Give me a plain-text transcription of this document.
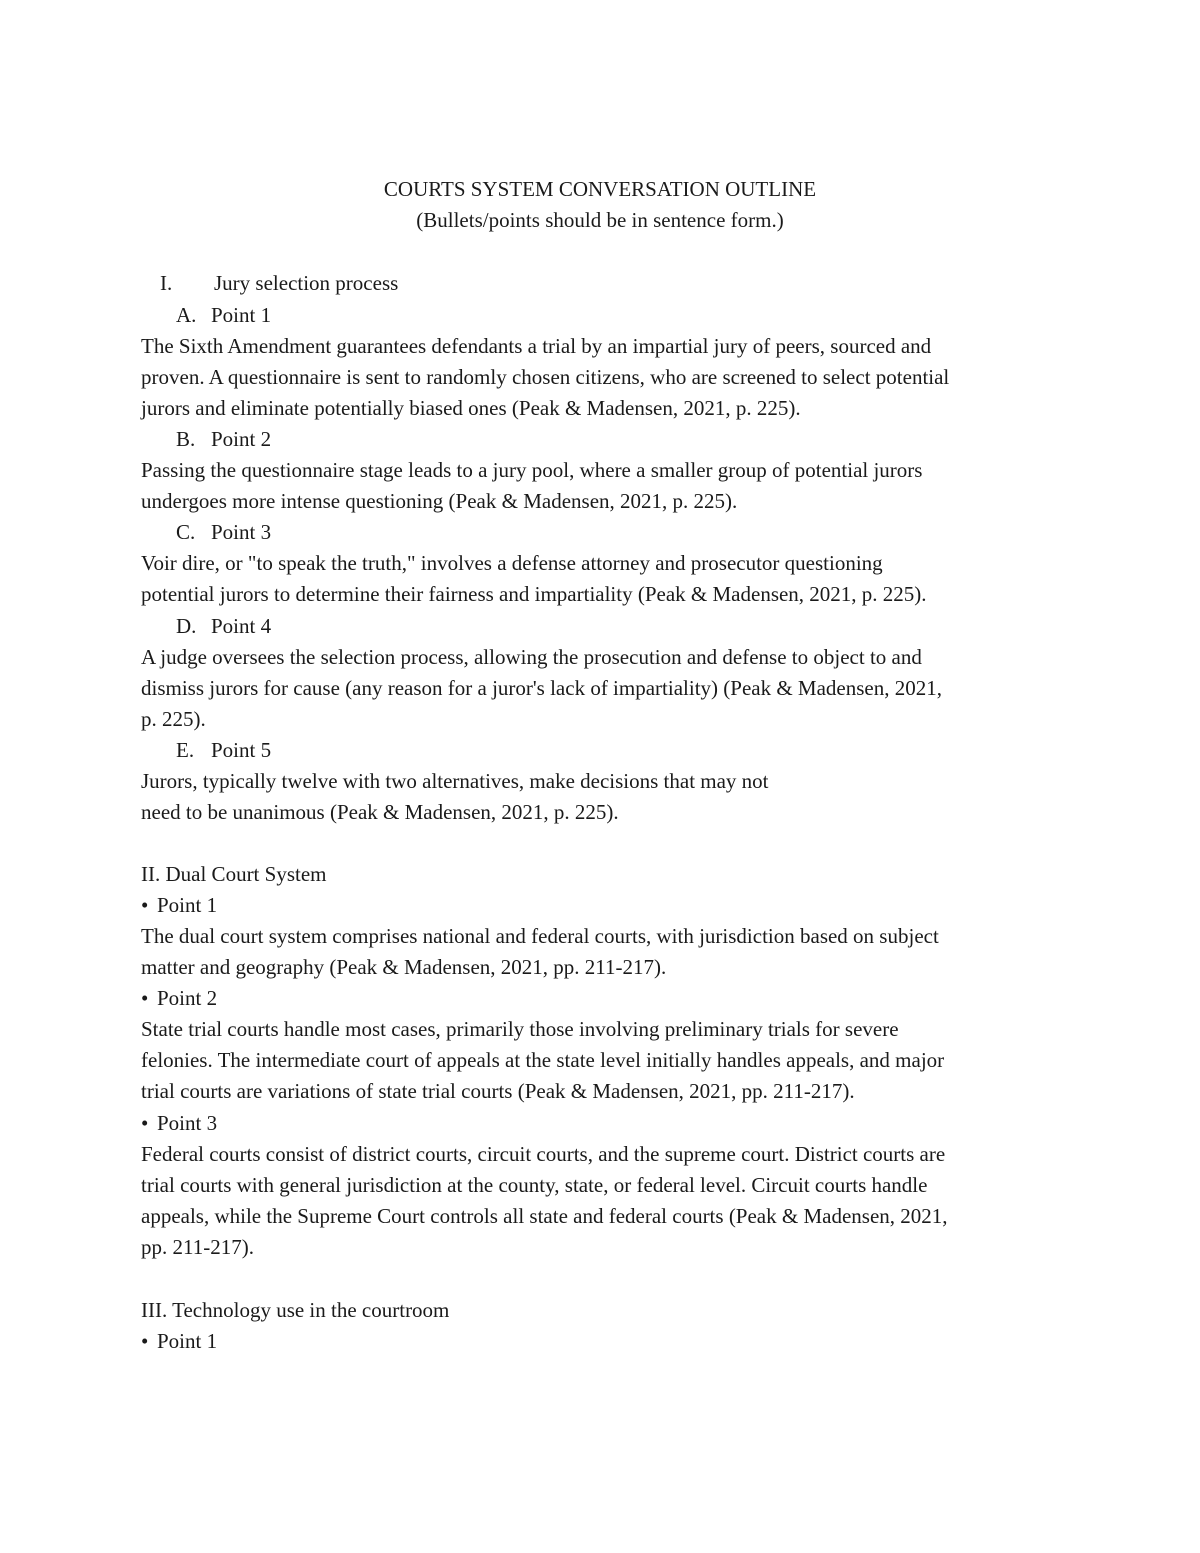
COURTS SYSTEM CONVERSATION OUTLINE
(Bullets/points should be in sentence form.)
I. Jury selection process
A. Point 1
The Sixth Amendment guarantees defendants a trial by an impartial jury of peers, sourced and
proven. A questionnaire is sent to randomly chosen citizens, who are screened to select potential
jurors and eliminate potentially biased ones (Peak & Madensen, 2021, p. 225).
B. Point 2
Passing the questionnaire stage leads to a jury pool, where a smaller group of potential jurors
undergoes more intense questioning (Peak & Madensen, 2021, p. 225).
C. Point 3
Voir dire, or "to speak the truth," involves a defense attorney and prosecutor questioning
potential jurors to determine their fairness and impartiality (Peak & Madensen, 2021, p. 225).
D. Point 4
A judge oversees the selection process, allowing the prosecution and defense to object to and
dismiss jurors for cause (any reason for a juror's lack of impartiality) (Peak & Madensen, 2021,
p. 225).
E. Point 5
Jurors, typically twelve with two alternatives, make decisions that may not
need to be unanimous (Peak & Madensen, 2021, p. 225).
II. Dual Court System
• Point 1
The dual court system comprises national and federal courts, with jurisdiction based on subject
matter and geography (Peak & Madensen, 2021, pp. 211-217).
• Point 2
State trial courts handle most cases, primarily those involving preliminary trials for severe
felonies. The intermediate court of appeals at the state level initially handles appeals, and major
trial courts are variations of state trial courts (Peak & Madensen, 2021, pp. 211-217).
• Point 3
Federal courts consist of district courts, circuit courts, and the supreme court. District courts are
trial courts with general jurisdiction at the county, state, or federal level. Circuit courts handle
appeals, while the Supreme Court controls all state and federal courts (Peak & Madensen, 2021,
pp. 211-217).
III. Technology use in the courtroom
• Point 1
